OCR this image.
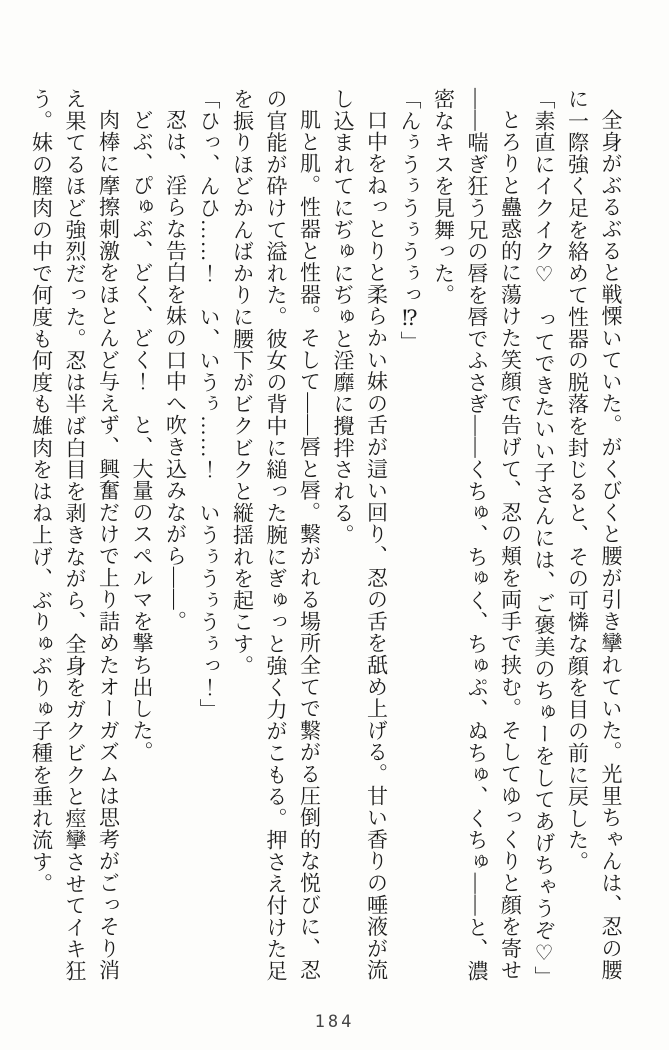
全身がぶるぶると戦慄いていた。がくびくと腰が引き攣れていた。光里ちゃんは、忍の腰に一際強く足を絡めて性器の脱落を封じると、その可憐な顔を目の前に戻した。

「素直にイクイク♡　ってできたいい子さんには、ご褒美のちゅーをしてあげちゃうぞ♡」

とろりと蠱惑的に蕩けた笑顔で告げて、忍の頬を両手で挟む。そしてゆっくりと顔を寄せ——喘ぎ狂う兄の唇を唇でふさぎ——くちゅ、ちゅく、ちゅぷ、ぬちゅ、くちゅ——と、濃密なキスを見舞った。

「んぅうぅうぅうぅっ⁉」

口中をねっとりと柔らかい妹の舌が這い回り、忍の舌を舐め上げる。甘い香りの唾液が流し込まれてにぢゅにぢゅと淫靡に攪拌される。

肌と肌。性器と性器。そして——唇と唇。繋がれる場所全てで繋がる圧倒的な悦びに、忍の官能が砕けて溢れた。彼女の背中に縋った腕にぎゅっと強く力がこもる。押さえ付けた足を振りほどかんばかりに腰下がビクビクと縦揺れを起こす。

「ひっ、んひ……！　い、いうぅ……！　いうぅうぅうぅっ！」

忍は、淫らな告白を妹の口中へ吹き込みながら——。

どぶ、ぴゅぶ、どく、どく！　と、大量のスペルマを撃ち出した。

肉棒に摩擦刺激をほとんど与えず、興奮だけで上り詰めたオーガズムは思考がごっそり消え果てるほど強烈だった。忍は半ば白目を剥きながら、全身をガクビクと痙攣させてイキ狂う。妹の膣肉の中で何度も何度も雄肉をはね上げ、ぶりゅぶりゅ子種を垂れ流す。

184
